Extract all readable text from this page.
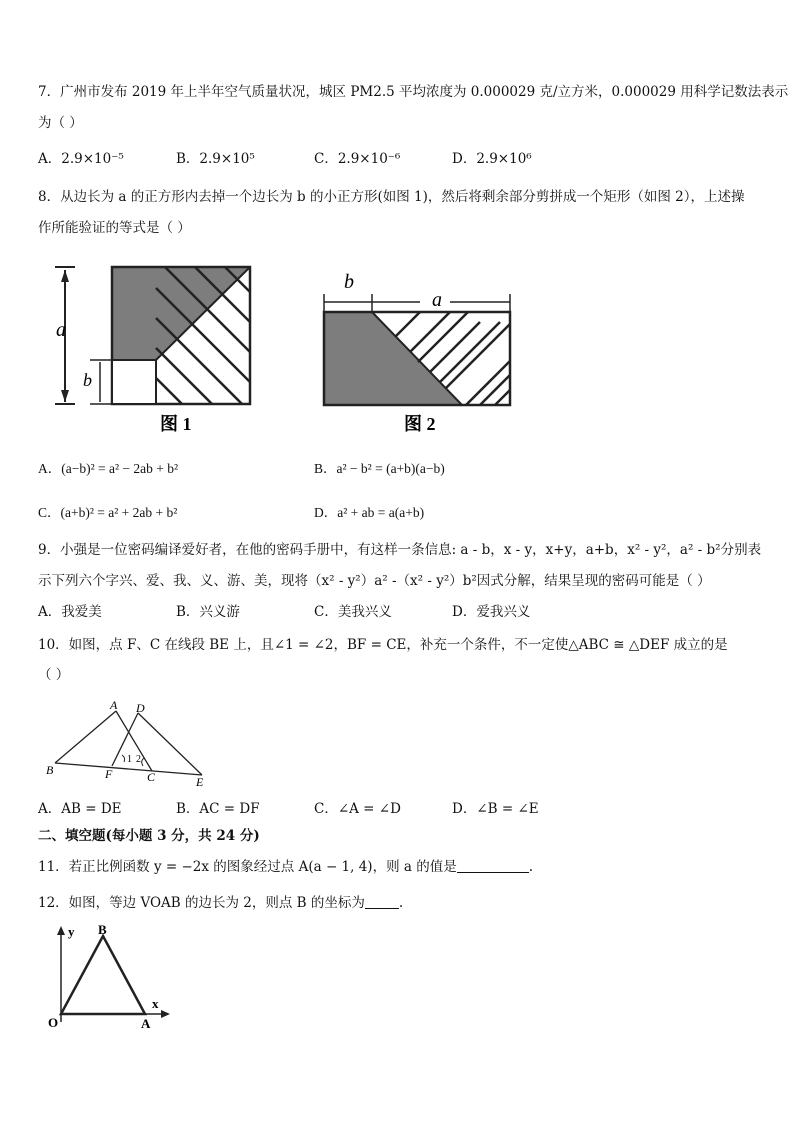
7．广州市发布 2019 年上半年空气质量状况，城区 PM2.5 平均浓度为 0.000029 克/立方米，0.000029 用科学记数法表示
为（ ）
A．2.9×10⁻⁵	B．2.9×10⁵	C．2.9×10⁻⁶	D．2.9×10⁶
8．从边长为 a 的正方形内去掉一个边长为 b 的小正方形(如图 1)，然后将剩余部分剪拼成一个矩形（如图 2），上述操
作所能验证的等式是（ ）
a
b
图 1
b
a
图 2
A．(a−b)² = a² − 2ab + b²	B．a² − b² = (a+b)(a−b)
C．(a+b)² = a² + 2ab + b²	D．a² + ab = a(a+b)
9．小强是一位密码编译爱好者，在他的密码手册中，有这样一条信息: a - b，x - y，x+y，a+b，x² - y²，a² - b²分别表
示下列六个字兴、爱、我、义、游、美，现将（x² - y²）a² -（x² - y²）b²因式分解，结果呈现的密码可能是（ ）
A．我爱美	B．兴义游	C．美我兴义	D．爱我兴义
10．如图，点 F、C 在线段 BE 上，且∠1 = ∠2，BF = CE，补充一个条件，不一定使△ABC ≅ △DEF 成立的是
（ ）
A D
B	F	C	E
1 2
A．AB = DE	B．AC = DF	C．∠A = ∠D	D．∠B = ∠E
二、填空题(每小题 3 分，共 24 分)
11．若正比例函数 y = −2x 的图象经过点 A(a − 1, 4)，则 a 的值是	.
12．如图，等边 VOAB 的边长为 2，则点 B 的坐标为	.
y
x
O	A
B
